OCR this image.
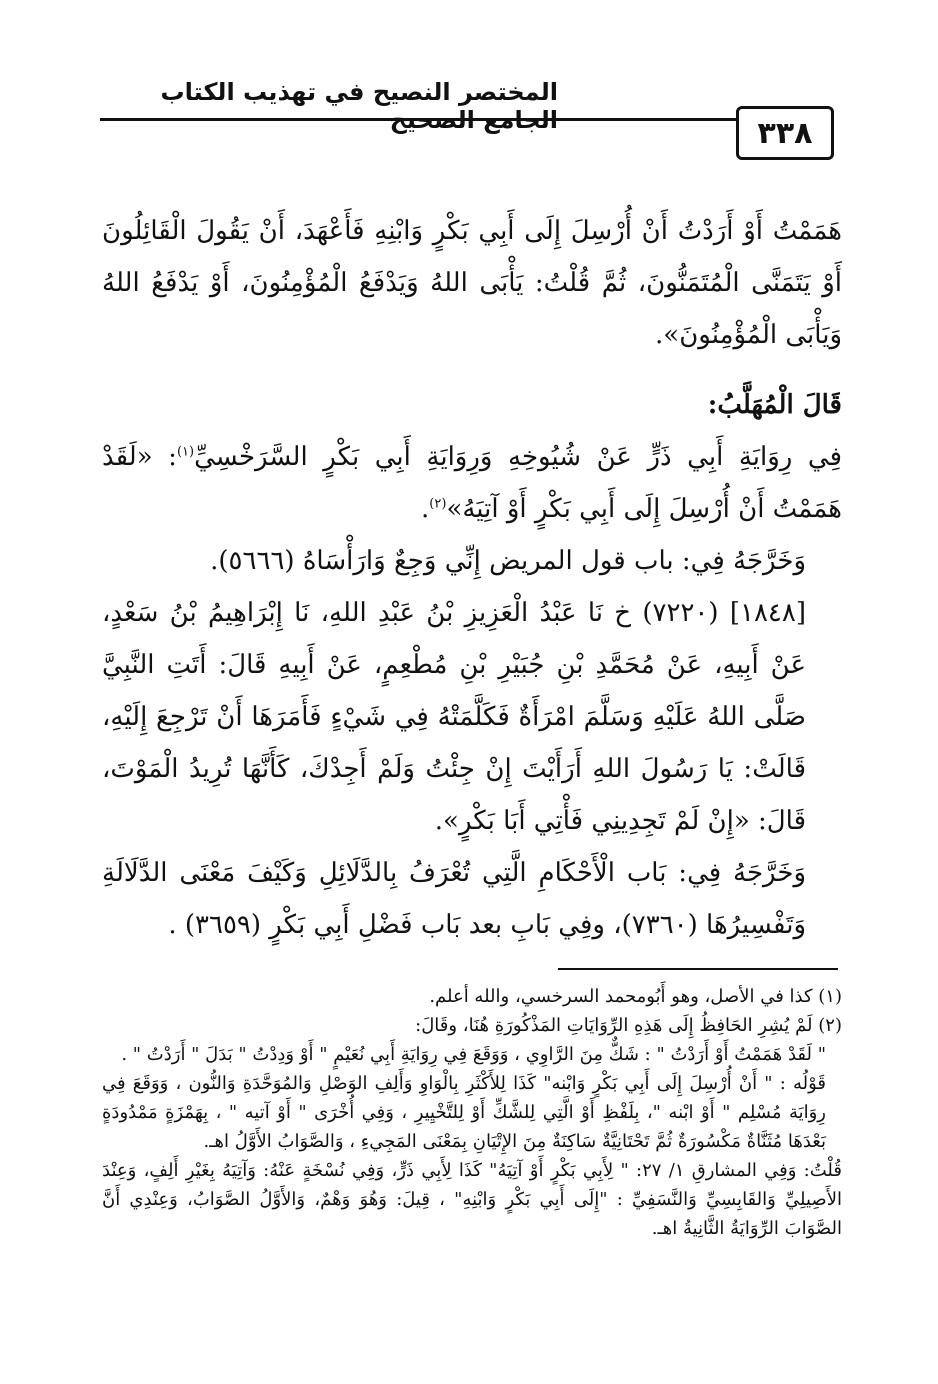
المختصر النصيح في تهذيب الكتاب الجامع الصحيح	٣٣٨

هَمَمْتُ أَوْ أَرَدْتُ أَنْ أُرْسِلَ إِلَى أَبِي بَكْرٍ وَابْنِهِ فَأَعْهَدَ، أَنْ يَقُولَ الْقَائِلُونَ أَوْ يَتَمَنَّى الْمُتَمَنُّونَ، ثُمَّ قُلْتُ: يَأْبَى اللهُ وَيَدْفَعُ الْمُؤْمِنُونَ، أَوْ يَدْفَعُ اللهُ وَيَأْبَى الْمُؤْمِنُونَ».

قَالَ الْمُهَلَّبُ:

فِي رِوَايَةِ أَبِي ذَرٍّ عَنْ شُيُوخِهِ وَرِوَايَةِ أَبِي بَكْرٍ السَّرَخْسِيِّ$^{(١)}$: «لَقَدْ هَمَمْتُ أَنْ أُرْسِلَ إِلَى أَبِي بَكْرٍ أَوْ آتِيَهُ»$^{(٢)}$.

وَخَرَّجَهُ فِي: باب قول المريض إِنِّي وَجِعٌ وَارَأْسَاهُ (٥٦٦٦).

[١٨٤٨] (٧٢٢٠) خ نَا عَبْدُ الْعَزِيزِ بْنُ عَبْدِ اللهِ، نَا إِبْرَاهِيمُ بْنُ سَعْدٍ، عَنْ أَبِيهِ، عَنْ مُحَمَّدِ بْنِ جُبَيْرِ بْنِ مُطْعِمٍ، عَنْ أَبِيهِ قَالَ: أَتَتِ النَّبِيَّ صَلَّى اللهُ عَلَيْهِ وَسَلَّمَ امْرَأَةٌ فَكَلَّمَتْهُ فِي شَيْءٍ فَأَمَرَهَا أَنْ تَرْجِعَ إِلَيْهِ، قَالَتْ: يَا رَسُولَ اللهِ أَرَأَيْتَ إِنْ جِئْتُ وَلَمْ أَجِدْكَ، كَأَنَّهَا تُرِيدُ الْمَوْتَ، قَالَ: «إِنْ لَمْ تَجِدِينِي فَأْتِي أَبَا بَكْرٍ».

وَخَرَّجَهُ فِي: بَاب الْأَحْكَامِ الَّتِي تُعْرَفُ بِالدَّلَائِلِ وَكَيْفَ مَعْنَى الدَّلَالَةِ وَتَفْسِيرُهَا (٧٣٦٠)، وفِي بَابِ بعد بَاب فَضْلِ أَبِي بَكْرٍ (٣٦٥٩) .

(١) كذا في الأصل، وهو أَبُومحمد السرخسي، والله أعلم.

(٢) لَمْ يُشِرِ الحَافِظُ إِلَى هَذِهِ الرِّوَايَاتِ المَذْكُورَةِ هُنَا، وقَالَ:

" لَقَدْ هَمَمْتُ أَوْ أَرَدْتُ " : شَكٌّ مِنَ الرَّاوِي ، وَوَقَعَ فِي رِوَايَةِ أَبِي نُعَيْمٍ " أَوْ وَدِدْتُ " بَدَلَ " أَرَدْتُ " .

قَوْلُه : " أَنْ أُرْسِلَ إِلَى أَبِي بَكْرٍ وَابْنه" كَذَا لِلأَكْثَرِ بِالْوَاوِ وَأَلِفِ الوَصْلِ وَالمُوَحَّدَةِ وَالنُّون ، وَوَقَعَ فِي رِوَايَة مُسْلِم " أَوْ ابْنه "، بِلَفْظِ أَوْ الَّتِي لِلشَّكِّ أَوْ لِلتَّخْيِيرِ ، وَفِي أُخْرَى " أَوْ آتيه " ، بِهَمْزَةٍ مَمْدُودَةٍ بَعْدَهَا مُثَنَّاةٌ مَكْسُورَةٌ ثُمَّ تَحْتَانِيَّةٌ سَاكِنَةٌ مِنَ الإِتْيَانِ بِمَعْنَى المَجِيءِ ، وَالصَّوَابُ الأَوَّلُ اهـ.

قُلْتُ: وَفِي المشارقِ ١/ ٢٧: " لِأَبِي بَكْرٍ أَوْ آتِيَهُ" كَذَا لِأَبِي ذَرٍّ، وَفِي نُسْخَةٍ عَنْهُ: وَآتِيَهُ بِغَيْرِ أَلِفٍ، وَعِنْدَ الأَصِيلِيِّ وَالقَابِسِيِّ وَالنَّسَفِيِّ : "إِلَى أَبِي بَكْرٍ وَابْنِهِ" ، قِيلَ: وَهُوَ وَهْمٌ، وَالأَوَّلُ الصَّوَابُ، وَعِنْدِي أَنَّ الصَّوَابَ الرِّوَايَةُ الثَّانِيةُ اهـ.
